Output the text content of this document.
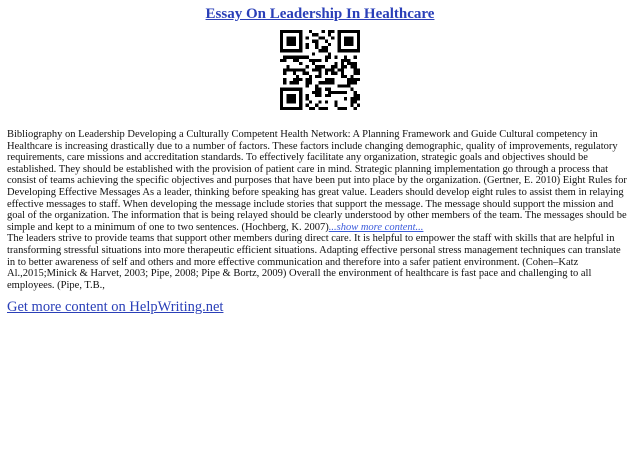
Essay On Leadership In Healthcare

Bibliography on Leadership Developing a Culturally Competent Health Network: A Planning Framework and Guide Cultural competency in Healthcare is increasing drastically due to a number of factors. These factors include changing demographic, quality of improvements, regulatory requirements, care missions and accreditation standards. To effectively facilitate any organization, strategic goals and objectives should be established. They should be established with the provision of patient care in mind. Strategic planning implementation go through a process that consist of teams achieving the specific objectives and purposes that have been put into place by the organization. (Gertner, E. 2010) Eight Rules for Developing Effective Messages As a leader, thinking before speaking has great value. Leaders should develop eight rules to assist them in relaying effective messages to staff. When developing the message include stories that support the message. The message should support the mission and goal of the organization. The information that is being relayed should be clearly understood by other members of the team. The messages should be simple and kept to a minimum of one to two sentences. (Hochberg, K. 2007)...show more content...

The leaders strive to provide teams that support other members during direct care. It is helpful to empower the staff with skills that are helpful in transforming stressful situations into more therapeutic efficient situations. Adapting effective personal stress management techniques can translate in to better awareness of self and others and more effective communication and therefore into a safer patient environment. (Cohen–Katz Al.,2015;Minick & Harvet, 2003; Pipe, 2008; Pipe & Bortz, 2009) Overall the environment of healthcare is fast pace and challenging to all employees. (Pipe, T.B.,

Get more content on HelpWriting.net
